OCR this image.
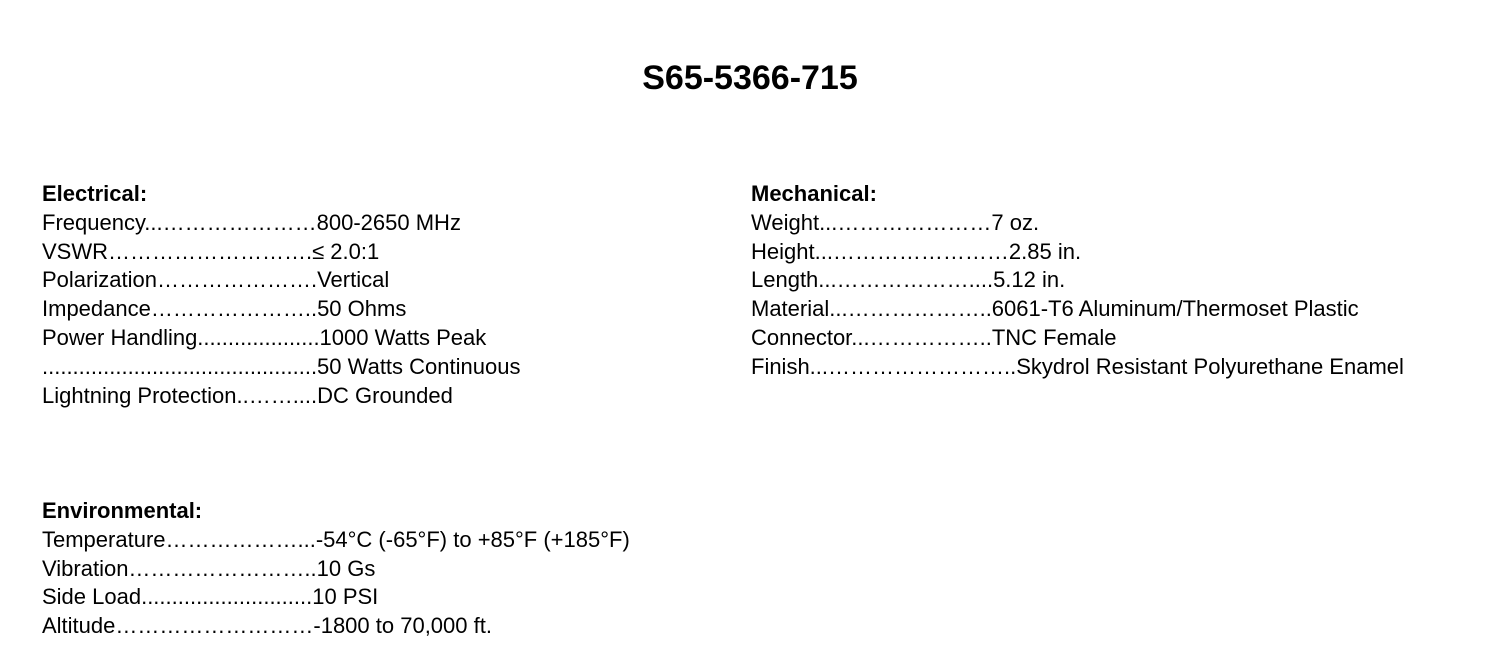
S65-5366-715
Electrical:
Frequency...…………………800-2650 MHz
VSWR……………………….≤ 2.0:1
Polarization………………….Vertical
Impedance…………………..50 Ohms
Power Handling....................1000 Watts Peak
.............................................50 Watts Continuous
Lightning Protection..……....DC Grounded
Mechanical:
Weight...…………………7 oz.
Height...……………………2.85 in.
Length...………………....5.12 in.
Material...………………..6061-T6 Aluminum/Thermoset Plastic
Connector...……………..TNC Female
Finish...……………………..Skydrol Resistant Polyurethane Enamel
Environmental:
Temperature………………...-54°C (-65°F) to +85°F (+185°F)
Vibration……………………..10 Gs
Side Load............................10 PSI
Altitude………………………-1800 to 70,000 ft.
